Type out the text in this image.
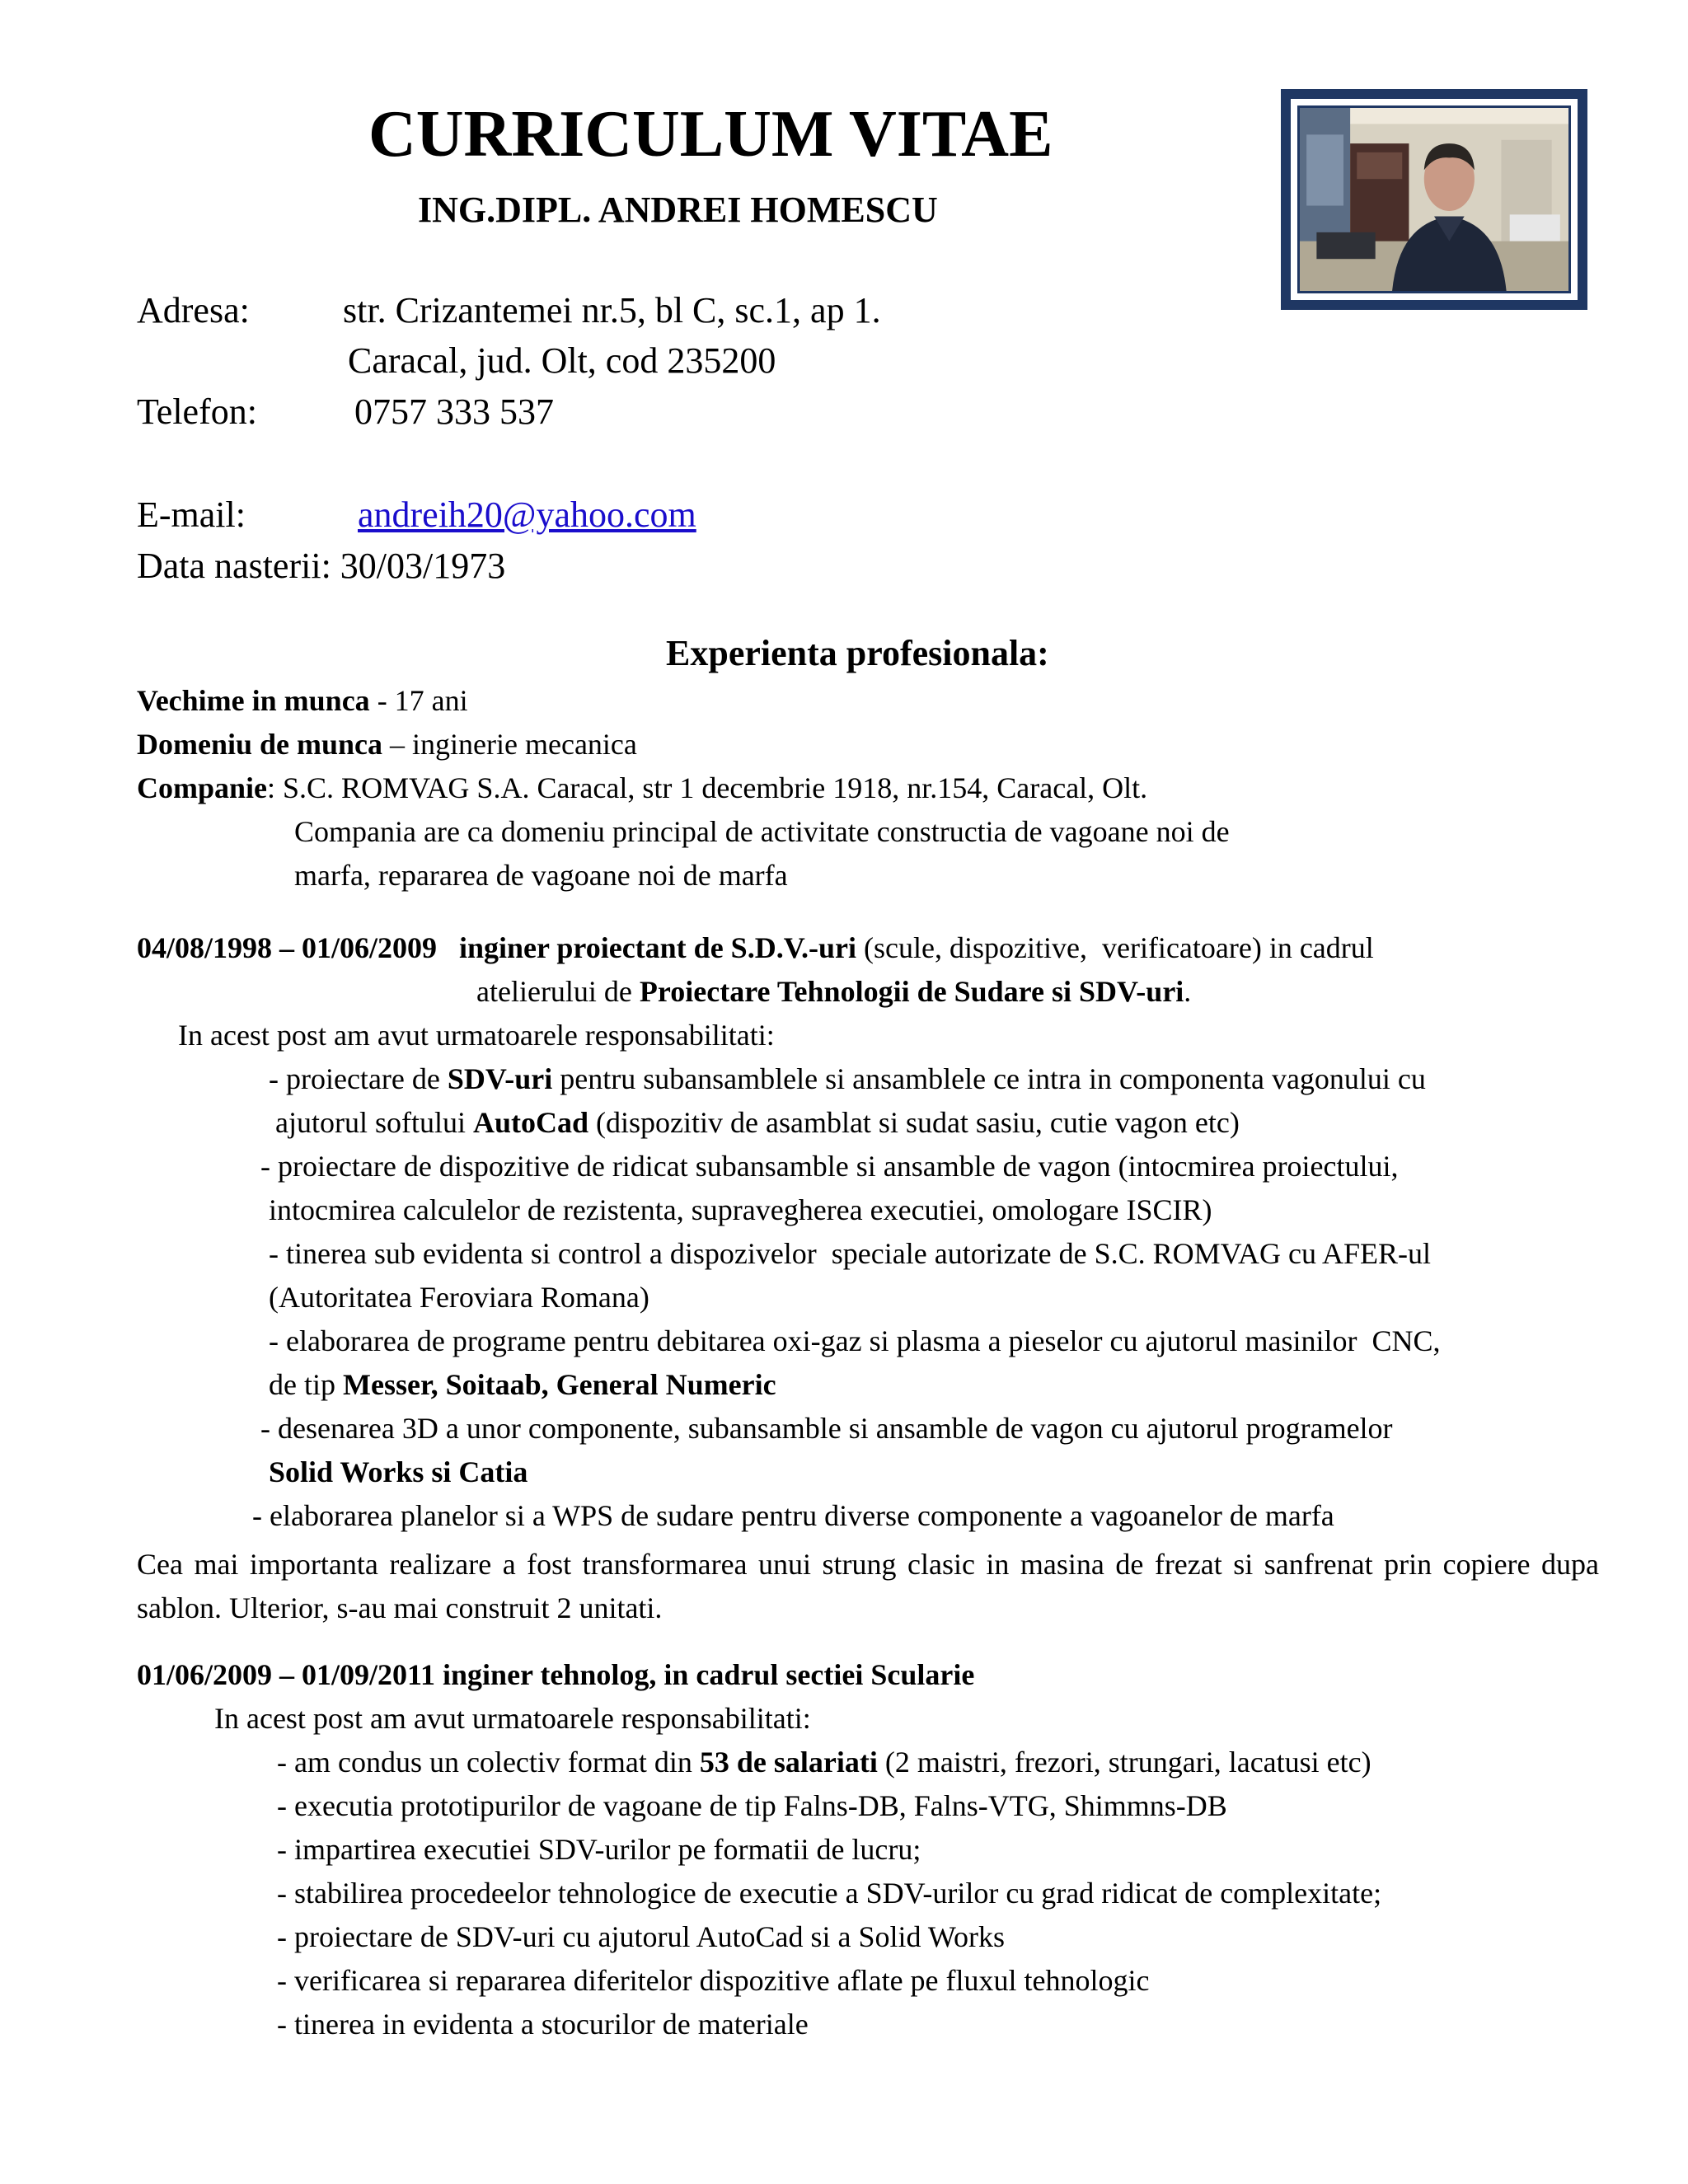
CURRICULUM VITAE
ING.DIPL. ANDREI HOMESCU
Adresa:	str. Crizantemei nr.5, bl C, sc.1, ap 1.
Caracal, jud. Olt, cod 235200
Telefon:	0757 333 537
E-mail:	andreih20@yahoo.com
Data nasterii: 30/03/1973
Experienta profesionala:
Vechime in munca - 17 ani
Domeniu de munca – inginerie mecanica
Companie: S.C. ROMVAG S.A. Caracal, str 1 decembrie 1918, nr.154, Caracal, Olt.
Compania are ca domeniu principal de activitate constructia de vagoane noi de
marfa, repararea de vagoane noi de marfa
04/08/1998 – 01/06/2009   inginer proiectant de S.D.V.-uri (scule, dispozitive,  verificatoare) in cadrul
atelierului de Proiectare Tehnologii de Sudare si SDV-uri.
In acest post am avut urmatoarele responsabilitati:
- proiectare de SDV-uri pentru subansamblele si ansamblele ce intra in componenta vagonului cu
ajutorul softului AutoCad (dispozitiv de asamblat si sudat sasiu, cutie vagon etc)
- proiectare de dispozitive de ridicat subansamble si ansamble de vagon (intocmirea proiectului,
intocmirea calculelor de rezistenta, supravegherea executiei, omologare ISCIR)
- tinerea sub evidenta si control a dispozivelor  speciale autorizate de S.C. ROMVAG cu AFER-ul
(Autoritatea Feroviara Romana)
- elaborarea de programe pentru debitarea oxi-gaz si plasma a pieselor cu ajutorul masinilor  CNC,
de tip Messer, Soitaab, General Numeric
- desenarea 3D a unor componente, subansamble si ansamble de vagon cu ajutorul programelor
Solid Works si Catia
- elaborarea planelor si a WPS de sudare pentru diverse componente a vagoanelor de marfa
Cea mai importanta realizare a fost transformarea unui strung clasic in masina de frezat si sanfrenat prin copiere dupa sablon. Ulterior, s-au mai construit 2 unitati.
01/06/2009 – 01/09/2011 inginer tehnolog, in cadrul sectiei Scularie
In acest post am avut urmatoarele responsabilitati:
- am condus un colectiv format din 53 de salariati (2 maistri, frezori, strungari, lacatusi etc)
- executia prototipurilor de vagoane de tip Falns-DB, Falns-VTG, Shimmns-DB
- impartirea executiei SDV-urilor pe formatii de lucru;
- stabilirea procedeelor tehnologice de executie a SDV-urilor cu grad ridicat de complexitate;
- proiectare de SDV-uri cu ajutorul AutoCad si a Solid Works
- verificarea si repararea diferitelor dispozitive aflate pe fluxul tehnologic
- tinerea in evidenta a stocurilor de materiale
